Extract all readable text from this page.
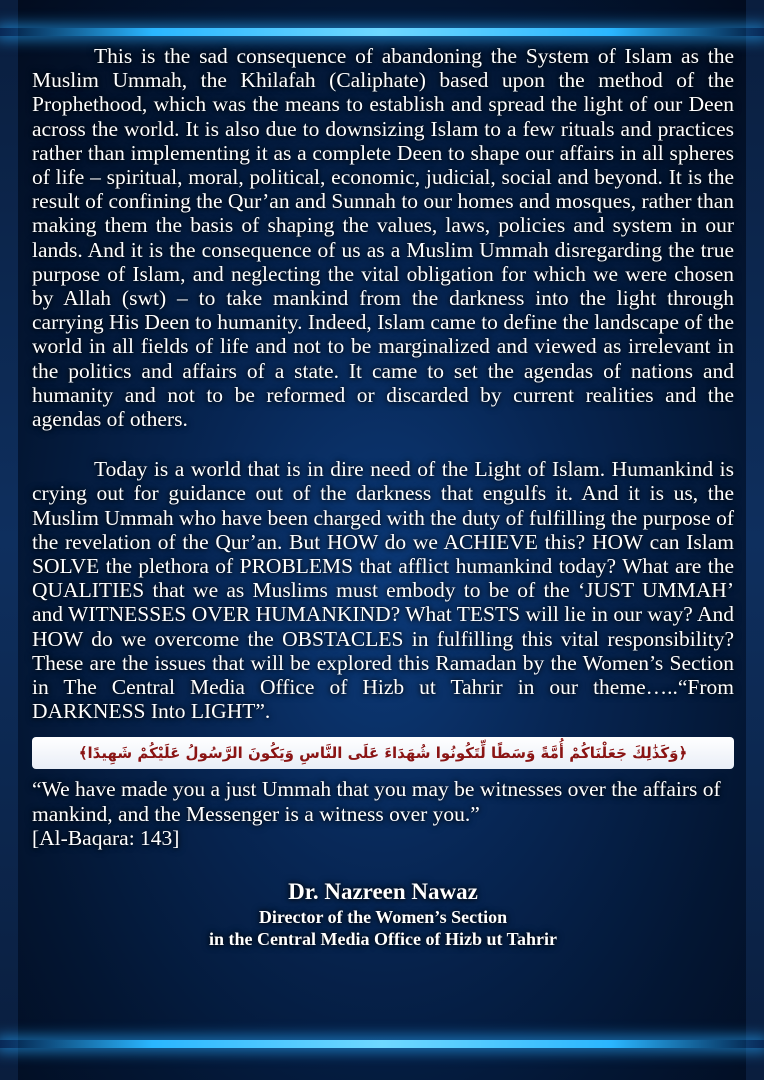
This is the sad consequence of abandoning the System of Islam as the Muslim Ummah, the Khilafah (Caliphate) based upon the method of the Prophethood, which was the means to establish and spread the light of our Deen across the world. It is also due to downsizing Islam to a few rituals and practices rather than implementing it as a complete Deen to shape our affairs in all spheres of life – spiritual, moral, political, economic, judicial, social and beyond. It is the result of confining the Qur’an and Sunnah to our homes and mosques, rather than making them the basis of shaping the values, laws, policies and system in our lands. And it is the consequence of us as a Muslim Ummah disregarding the true purpose of Islam, and neglecting the vital obligation for which we were chosen by Allah (swt) – to take mankind from the darkness into the light through carrying His Deen to humanity. Indeed, Islam came to define the landscape of the world in all fields of life and not to be marginalized and viewed as irrelevant in the politics and affairs of a state. It came to set the agendas of nations and humanity and not to be reformed or discarded by current realities and the agendas of others.

Today is a world that is in dire need of the Light of Islam. Humankind is crying out for guidance out of the darkness that engulfs it. And it is us, the Muslim Ummah who have been charged with the duty of fulfilling the purpose of the revelation of the Qur’an. But HOW do we ACHIEVE this? HOW can Islam SOLVE the plethora of PROBLEMS that afflict humankind today? What are the QUALITIES that we as Muslims must embody to be of the ‘JUST UMMAH’ and WITNESSES OVER HUMANKIND? What TESTS will lie in our way? And HOW do we overcome the OBSTACLES in fulfilling this vital responsibility? These are the issues that will be explored this Ramadan by the Women’s Section in The Central Media Office of Hizb ut Tahrir in our theme…..“From DARKNESS Into LIGHT”.

﴿وَكَذَٰلِكَ جَعَلْنَاكُمْ أُمَّةً وَسَطًا لِّتَكُونُوا شُهَدَاءَ عَلَى النَّاسِ وَيَكُونَ الرَّسُولُ عَلَيْكُمْ شَهِيدًا﴾

“We have made you a just Ummah that you may be witnesses over the affairs of mankind, and the Messenger is a witness over you.”

[Al-Baqara: 143]

Dr. Nazreen Nawaz
Director of the Women’s Section
in the Central Media Office of Hizb ut Tahrir
